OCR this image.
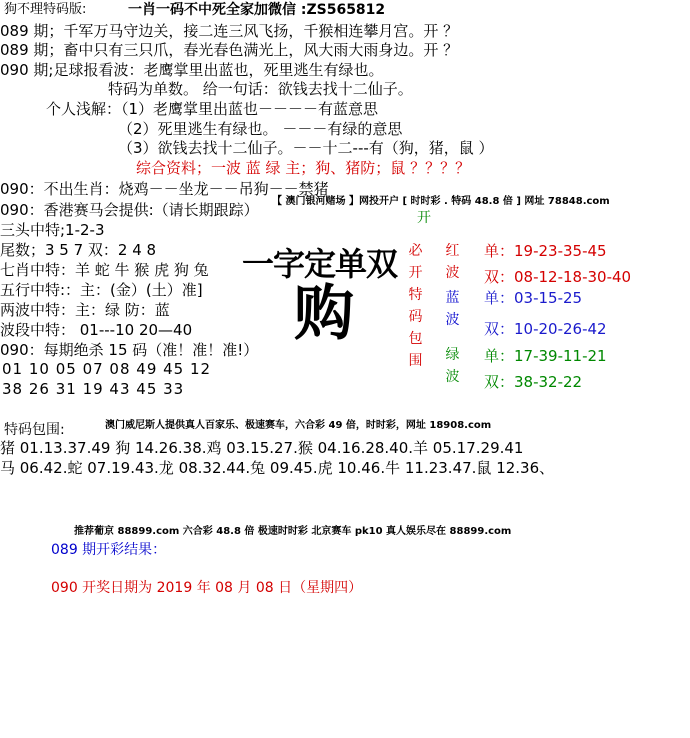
狗不理特码版:	一肖一码不中死全家加微信 :ZS565812
089 期；千军万马守边关，接二连三风飞扬，千猴相连攀月宫。开 ？
089 期；畜中只有三只爪，春光春色满光上，风大雨大雨身边。开 ？
090 期;足球报看波：老鹰掌里出蓝也，死里逃生有绿也。
特码为单数。 给一句话：欲钱去找十二仙子。
个人浅解：（1）老鹰掌里出蓝也－－－－有蓝意思
（2）死里逃生有绿也。 －－－有绿的意思
（3）欲钱去找十二仙子。－－十二---有（狗，猪，鼠 ）
综合资料；一波 蓝 绿 主；狗、猪防；鼠 ？？？？
090：不出生肖：烧鸡－－坐龙－－吊狗－－禁猪
【 澳门银河赌场 】网投开户 [ 时时彩 . 特码 48.8 倍 ] 网址 78848.com
开
090：香港赛马会提供:（请长期跟踪）
三头中特;1-2-3
尾数；3 5 7 双：2 4 8
七肖中特：羊 蛇 牛 猴 虎 狗 兔
五行中特:：主：(金）(土）准]
两波中特：主：绿 防：蓝
波段中特： 01---10 20—40
090：每期绝杀 15 码（准！准！准!）
01 10 05 07 08 49 45 12
38 26 31 19 43 45 33
一字定单双
购
必开特码包围
红波
蓝波
绿波
单：19-23-35-45
双：08-12-18-30-40
单：03-15-25
双：10-20-26-42
单：17-39-11-21
双：38-32-22
特码包围:	澳门威尼斯人提供真人百家乐、极速赛车，六合彩 49 倍，时时彩，网址 18908.com
猪 01.13.37.49 狗 14.26.38.鸡 03.15.27.猴 04.16.28.40.羊 05.17.29.41
马 06.42.蛇 07.19.43.龙 08.32.44.兔 09.45.虎 10.46.牛 11.23.47.鼠 12.36、
推荐葡京 88899.com 六合彩 48.8 倍 极速时时彩 北京赛车 pk10 真人娱乐尽在 88899.com
089 期开彩结果：
090 开奖日期为 2019 年 08 月 08 日（星期四）
